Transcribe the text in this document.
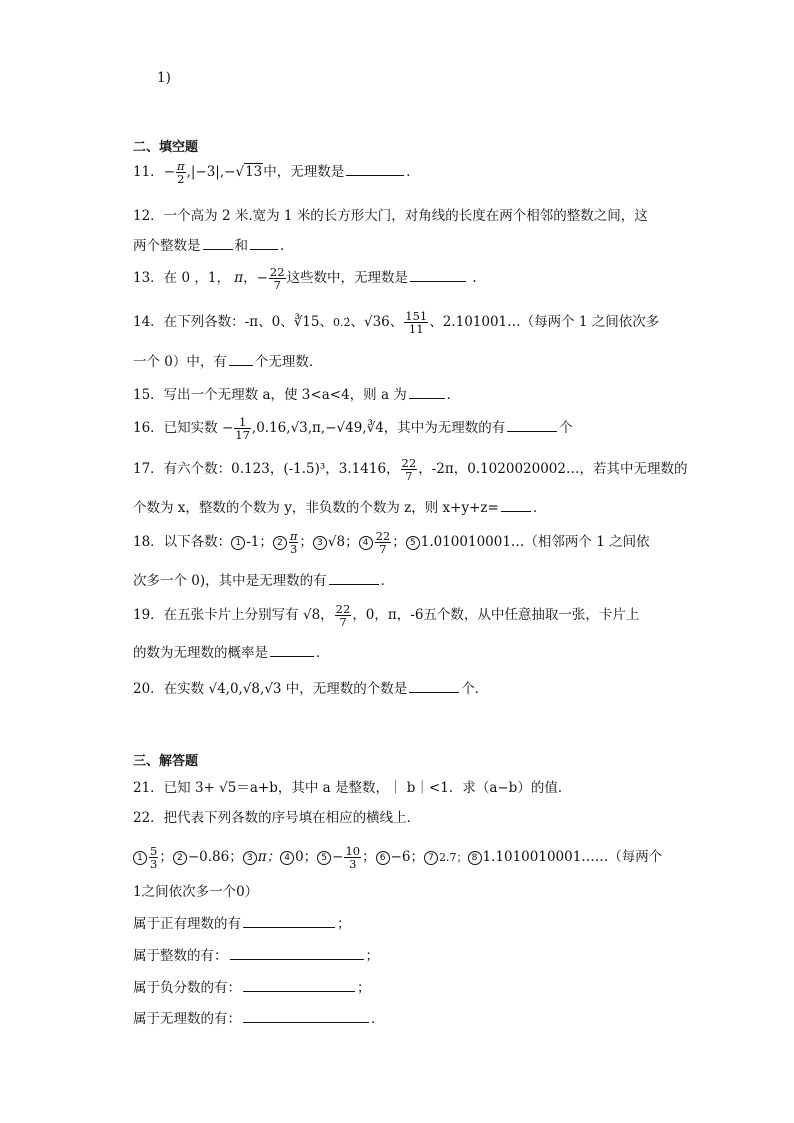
1)
二、填空题
11．− $\frac{\pi}{2} ,|-3|,-√13$中，无理数是	．
12．一个高为 2 米.宽为 1 米的长方形大门，对角线的长度在两个相邻的整数之间，这
两个整数是	和 .
13．在 0 ，1， π，− $\frac{22}{7}$ 这些数中，无理数是	.
14．在下列各数：-π、0、∛15、0.2̇、√36、 $\frac{151}{11}$ 、2.101001…（每两个 1 之间依次多
一个 0）中，有 个无理数．
15．写出一个无理数 a，使 3<a<4，则 a 为	．
16．已知实数 − $\frac{1}{17}$ ,0.16,√3,π,−√49,∛4，其中为无理数的有	个
17．有六个数：0.123，(-1.5)³，3.1416， $\frac{22}{7}$ ，-2π，0.1020020002…，若其中无理数的
个数为 x，整数的个数为 y，非负数的个数为 z，则 x+y+z=	．
18．以下各数： 1 -1； $2 \frac{\pi}{3}$ ； 3 √8； $4 \frac{22}{7}$ ； 5 1.010010001…（相邻两个 1 之间依
次多一个 0)，其中是无理数的有	．
19．在五张卡片上分别写有 √8， $\frac{22}{7}$ ，0，π，-6五个数，从中任意抽取一张，卡片上
的数为无理数的概率是	．
20．在实数 √4,0,√8,√3 中，无理数的个数是	个．
三、解答题
21．已知 3+ √5＝a+b，其中 a 是整数，｜ b｜<1．求（a−b）的值．
22．把代表下列各数的序号填在相应的横线上．
$1 \frac{5}{3}$ ； 2 −0.86； 3 π； 4 0； $5 - \frac{10}{3}$ ； 6 −6； 7 2.7； 8 1.1010010001……（每两个
1之间依次多一个0）
属于正有理数的有	；
属于整数的有：	；
属于负分数的有：	；
属于无理数的有：	．
